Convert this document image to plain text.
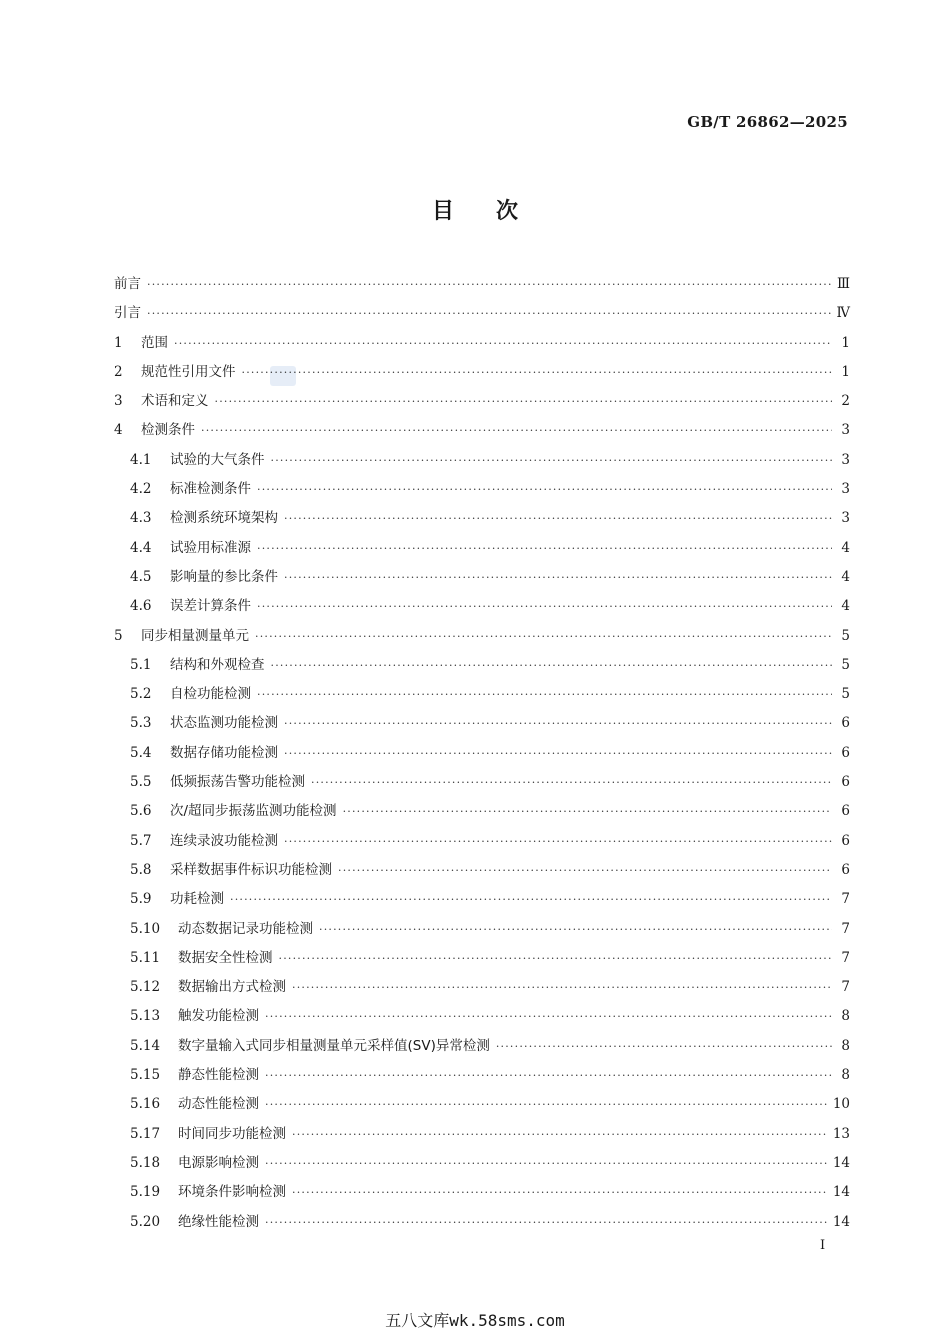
GB/T 26862—2025
目 次
前言 ·····	Ⅲ
引言 ·····	Ⅳ
1	范围 ·····	1
2	规范性引用文件 ·····	1
3	术语和定义 ·····	2
4	检测条件 ·····	3
4.1	试验的大气条件 ·····	3
4.2	标准检测条件 ·····	3
4.3	检测系统环境架构 ·····	3
4.4	试验用标准源 ·····	4
4.5	影响量的参比条件 ·····	4
4.6	误差计算条件 ·····	4
5	同步相量测量单元 ·····	5
5.1	结构和外观检查 ·····	5
5.2	自检功能检测 ·····	5
5.3	状态监测功能检测 ·····	6
5.4	数据存储功能检测 ·····	6
5.5	低频振荡告警功能检测 ·····	6
5.6	次/超同步振荡监测功能检测 ·····	6
5.7	连续录波功能检测 ·····	6
5.8	采样数据事件标识功能检测 ·····	6
5.9	功耗检测 ·····	7
5.10	动态数据记录功能检测 ·····	7
5.11	数据安全性检测 ·····	7
5.12	数据输出方式检测 ·····	7
5.13	触发功能检测 ·····	8
5.14	数字量输入式同步相量测量单元采样值(SV)异常检测 ·····	8
5.15	静态性能检测 ·····	8
5.16	动态性能检测 ·····	10
5.17	时间同步功能检测 ·····	13
5.18	电源影响检测 ·····	14
5.19	环境条件影响检测 ·····	14
5.20	绝缘性能检测 ·····	14
I
五八文库wk.58sms.com
